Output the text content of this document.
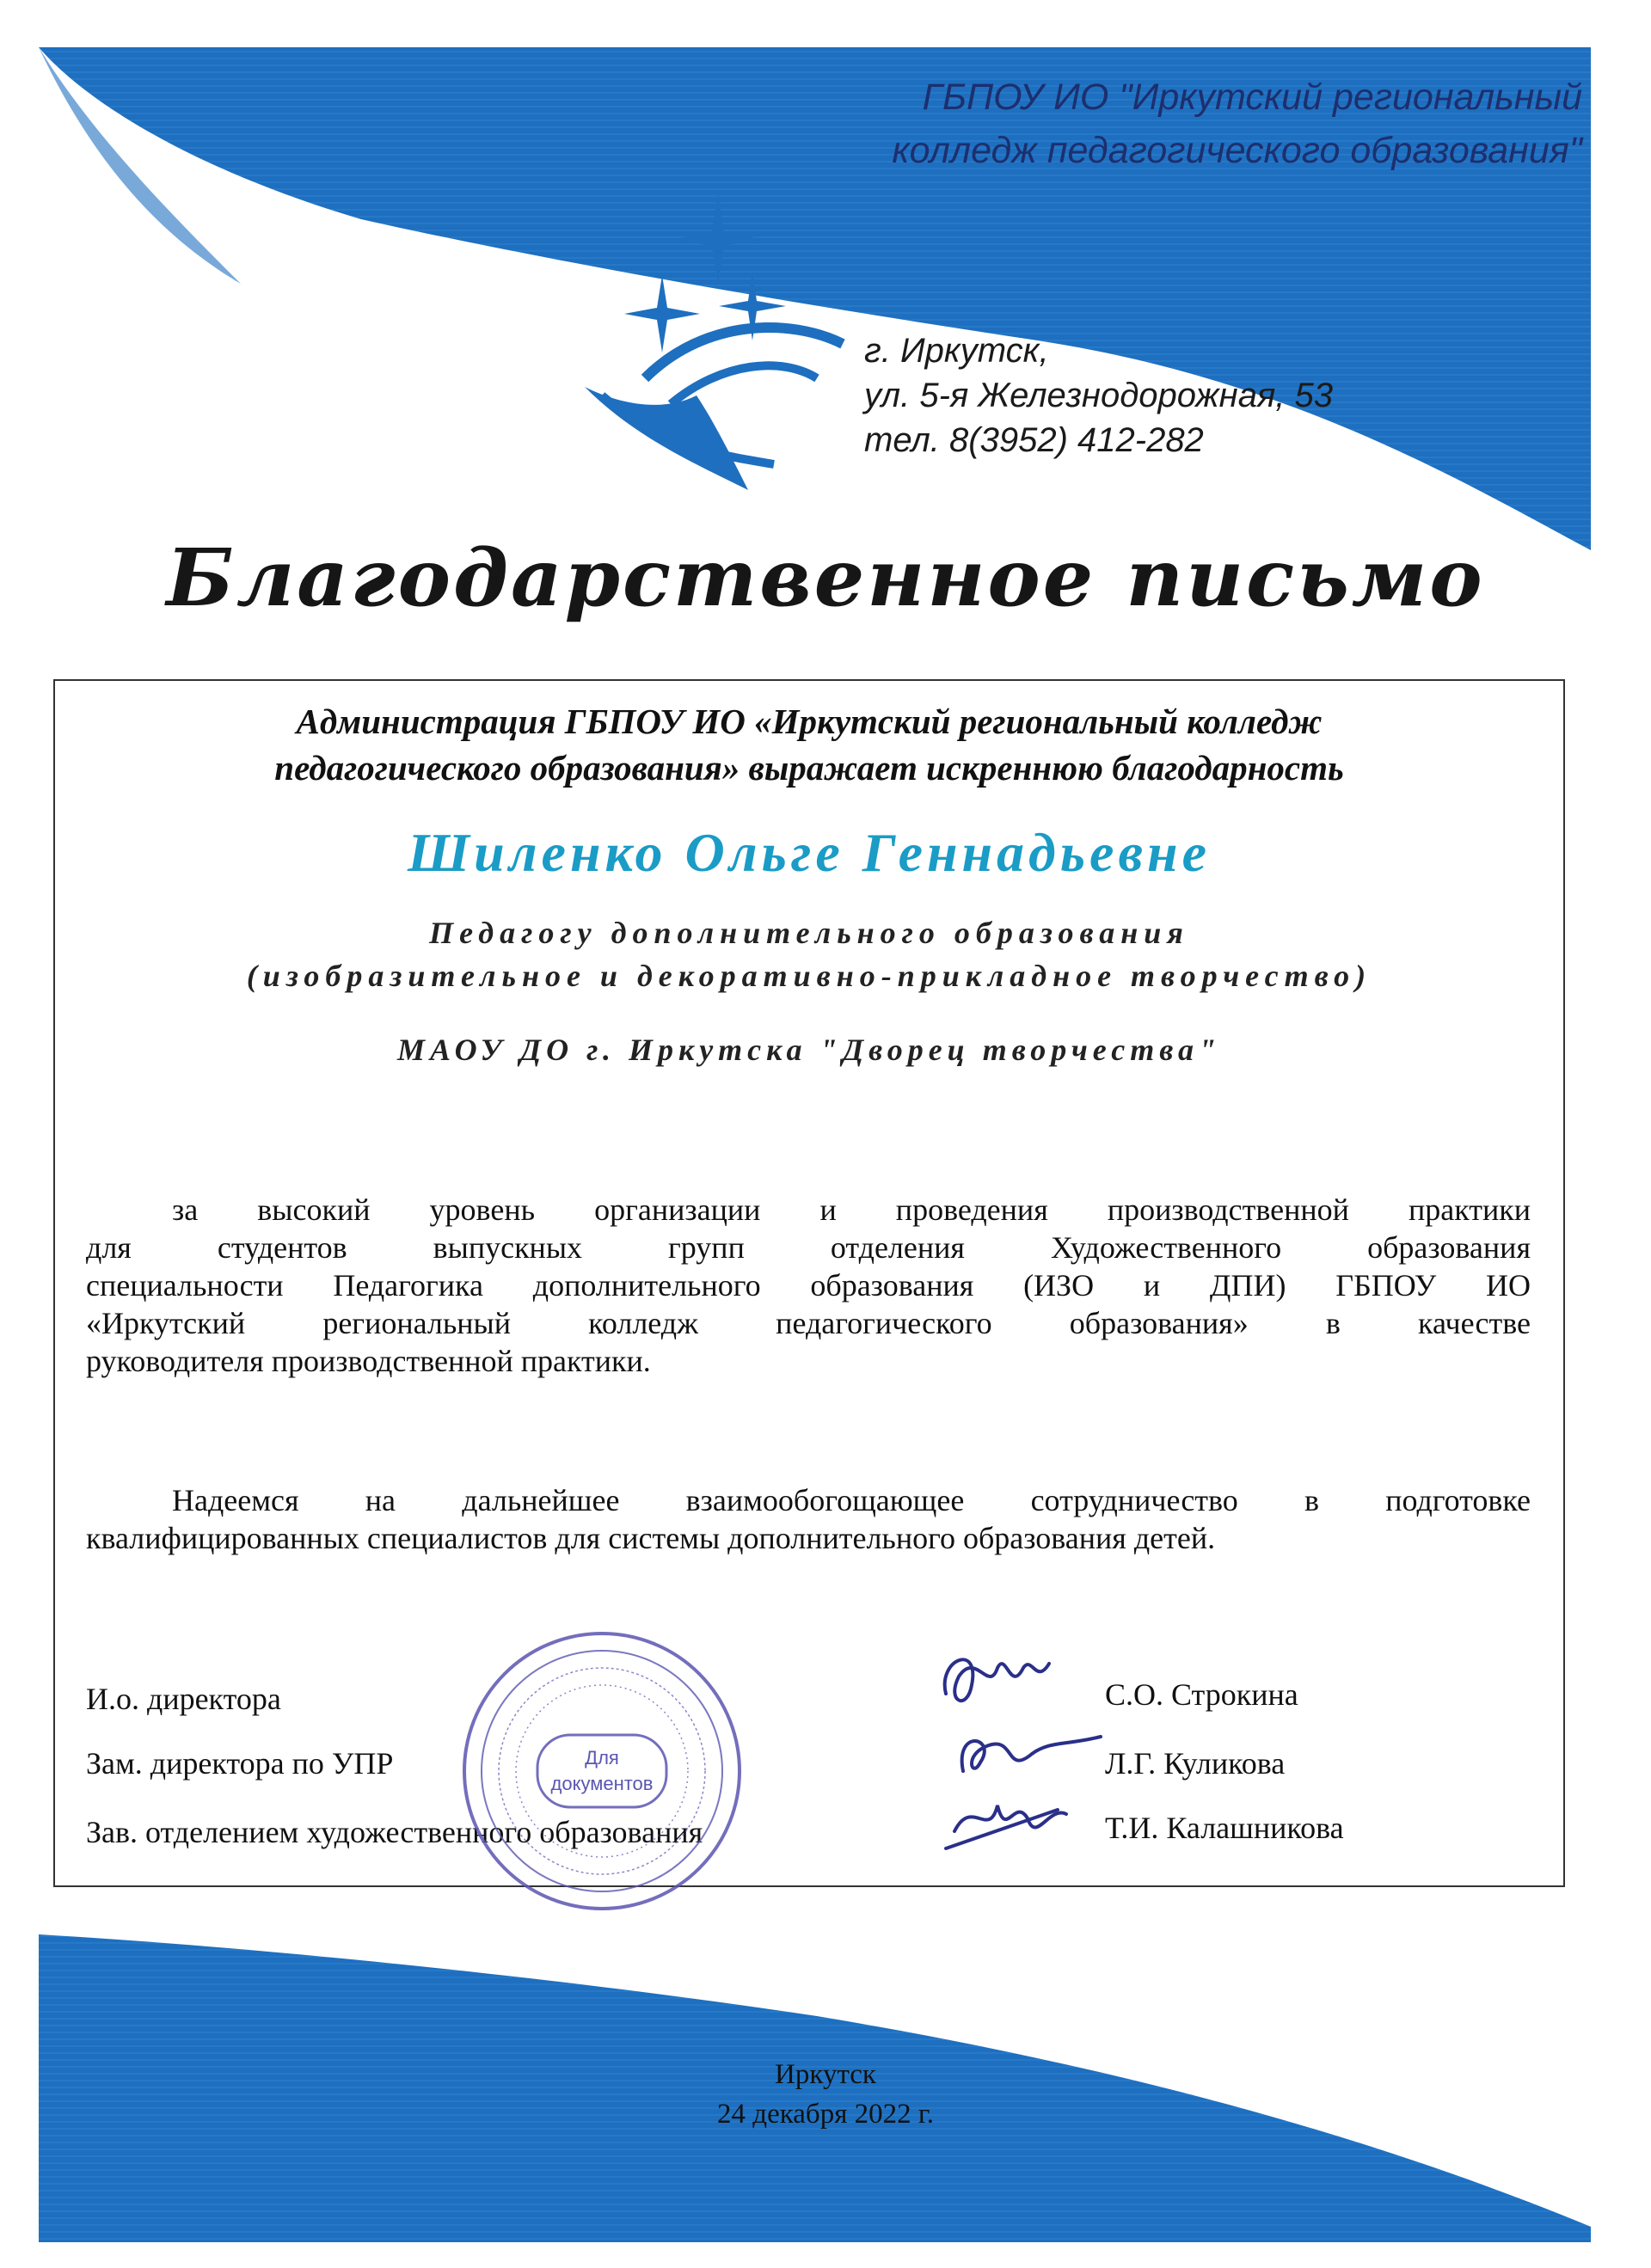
ГБПОУ ИО "Иркутский региональный
колледж педагогического образования"
г. Иркутск,
ул. 5-я Железнодорожная, 53
тел. 8(3952) 412-282
Благодарственное письмо
Администрация ГБПОУ ИО «Иркутский региональный колледж
педагогического образования» выражает искреннюю благодарность
Шиленко Ольге Геннадьевне
Педагогу дополнительного образования
(изобразительное и декоративно-прикладное творчество)
МАОУ ДО г. Иркутска "Дворец творчества"
за высокий уровень организации и проведения производственной практики
для студентов выпускных групп отделения Художественного образования
специальности Педагогика дополнительного образования (ИЗО и ДПИ) ГБПОУ ИО
«Иркутский региональный колледж педагогического образования» в качестве
руководителя производственной практики.
Надеемся на дальнейшее взаимообогощающее сотрудничество в подготовке
квалифицированных специалистов для системы дополнительного образования детей.
И.о. директора
Зам. директора по УПР
Зав. отделением художественного образования
С.О. Строкина
Л.Г. Куликова
Т.И. Калашникова
Для
документов
Иркутск
24 декабря 2022 г.
